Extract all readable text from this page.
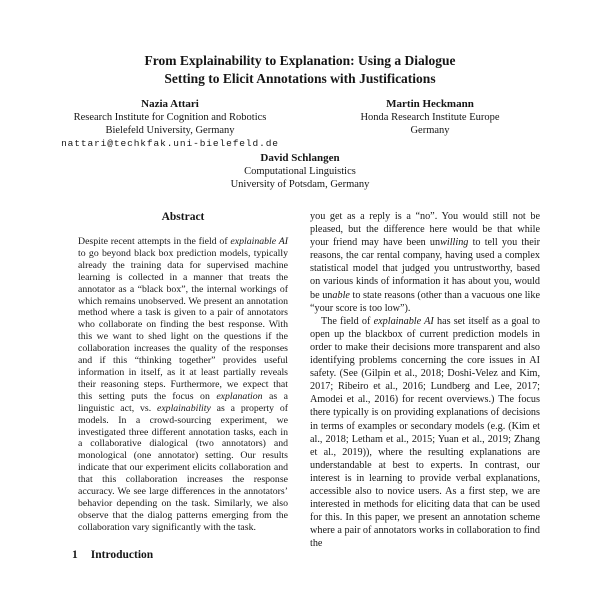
From Explainability to Explanation: Using a Dialogue
Setting to Elicit Annotations with Justifications
Nazia Attari
Research Institute for Cognition and Robotics
Bielefeld University, Germany
nattari@techkfak.uni-bielefeld.de
Martin Heckmann
Honda Research Institute Europe
Germany
David Schlangen
Computational Linguistics
University of Potsdam, Germany
Abstract
Despite recent attempts in the field of explainable AI to go beyond black box prediction models, typically already the training data for supervised machine learning is collected in a manner that treats the annotator as a “black box”, the internal workings of which remains unobserved. We present an annotation method where a task is given to a pair of annotators who collaborate on finding the best response. With this we want to shed light on the questions if the collaboration increases the quality of the responses and if this “thinking together” provides useful information in itself, as it at least partially reveals their reasoning steps. Furthermore, we expect that this setting puts the focus on explanation as a linguistic act, vs. explainability as a property of models. In a crowd-sourcing experiment, we investigated three different annotation tasks, each in a collaborative dialogical (two annotators) and monological (one annotator) setting. Our results indicate that our experiment elicits collaboration and that this collaboration increases the response accuracy. We see large differences in the annotators’ behavior depending on the task. Similarly, we also observe that the dialog patterns emerging from the collaboration vary significantly with the task.
1 Introduction

you get as a reply is a “no”. You would still not be pleased, but the difference here would be that while your friend may have been unwilling to tell you their reasons, the car rental company, having used a complex statistical model that judged you untrustworthy, based on various kinds of information it has about you, would be unable to state reasons (other than a vacuous one like “your score is too low”).

The field of explainable AI has set itself as a goal to open up the blackbox of current prediction models in order to make their decisions more transparent and also identifying problems concerning the core issues in AI safety. (See (Gilpin et al., 2018; Doshi-Velez and Kim, 2017; Ribeiro et al., 2016; Lundberg and Lee, 2017; Amodei et al., 2016) for recent overviews.) The focus there typically is on providing explanations of decisions in terms of examples or secondary models (e.g. (Kim et al., 2018; Letham et al., 2015; Yuan et al., 2019; Zhang et al., 2019)), where the resulting explanations are understandable at best to experts. In contrast, our interest is in learning to provide verbal explanations, accessible also to novice users. As a first step, we are interested in methods for eliciting data that can be used for this. In this paper, we present an annotation scheme where a pair of annotators works in collaboration to find the
